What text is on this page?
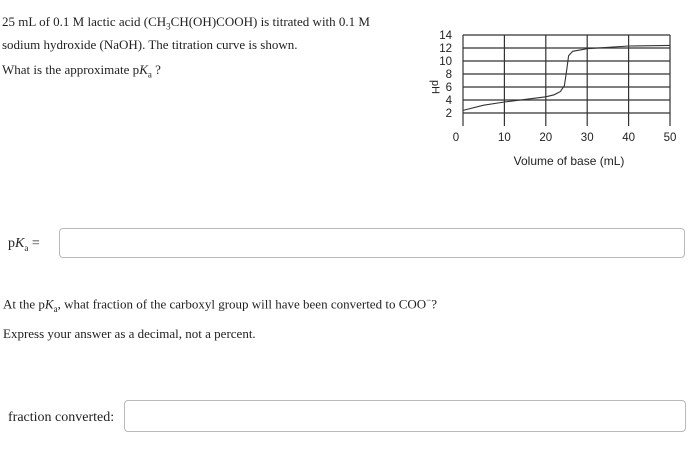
25 mL of 0.1 M lactic acid $(CH_3CH(OH)COOH)$ is titrated with 0.1 M

sodium hydroxide (NaOH). The titration curve is shown.

What is the approximate $pK_a$ ?

2
4
6
8
10
12
14
0	10 20 30 40 50
pH
Volume of base (mL)
$pK_a$ =

At the $pK_a$, what fraction of the carboxyl group will have been converted to COO−?

Express your answer as a decimal, not a percent.

fraction converted:
